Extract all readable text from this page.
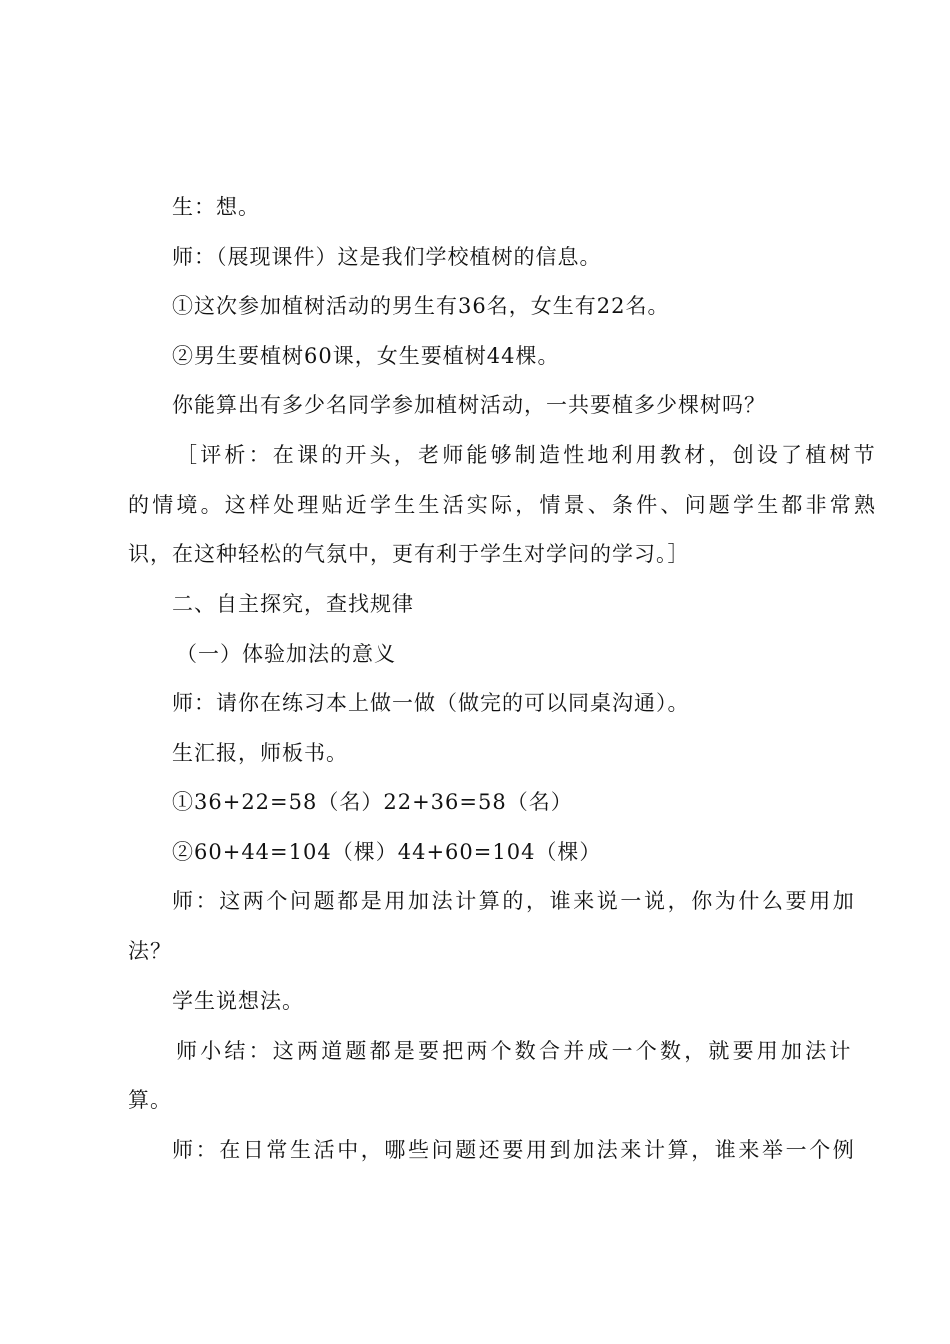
生：想。
师：（展现课件）这是我们学校植树的信息。
①这次参加植树活动的男生有36名，女生有22名。
②男生要植树60课，女生要植树44棵。
你能算出有多少名同学参加植树活动，一共要植多少棵树吗？
［评析：在课的开头，老师能够制造性地利用教材，创设了植树节
的情境。这样处理贴近学生生活实际，情景、条件、问题学生都非常熟
识，在这种轻松的气氛中，更有利于学生对学问的学习。］
二、自主探究，查找规律
（一）体验加法的意义
师：请你在练习本上做一做（做完的可以同桌沟通）。
生汇报，师板书。
①36+22=58（名）22+36=58（名）
②60+44=104（棵）44+60=104（棵）
师：这两个问题都是用加法计算的，谁来说一说，你为什么要用加
法？
学生说想法。
师小结：这两道题都是要把两个数合并成一个数，就要用加法计
算。
师：在日常生活中，哪些问题还要用到加法来计算，谁来举一个例
